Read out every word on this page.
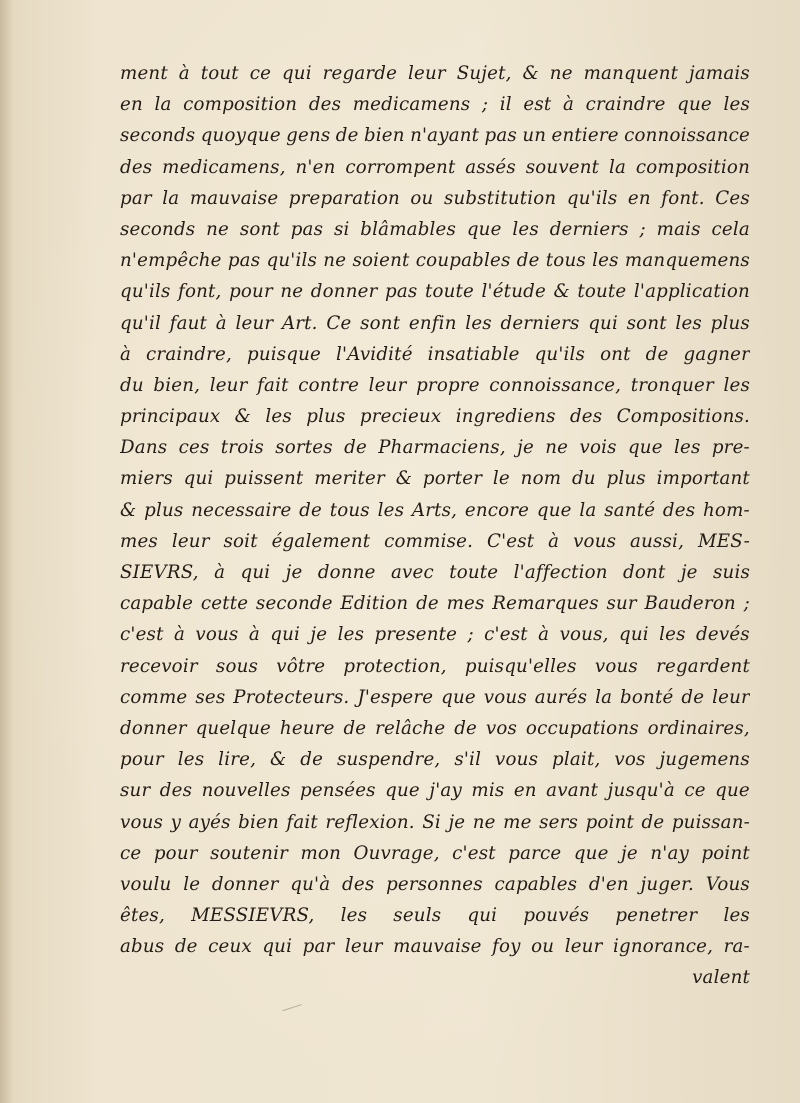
ment à tout ce qui regarde leur Sujet, & ne manquent jamais
en la composition des medicamens ; il est à craindre que les
seconds quoyque gens de bien n'ayant pas un entiere connoissance
des medicamens, n'en corrompent assés souvent la composition
par la mauvaise preparation ou substitution qu'ils en font. Ces
seconds ne sont pas si blâmables que les derniers ; mais cela
n'empêche pas qu'ils ne soient coupables de tous les manquemens
qu'ils font, pour ne donner pas toute l'étude & toute l'application
qu'il faut à leur Art. Ce sont enfin les derniers qui sont les plus
à craindre, puisque l'Avidité insatiable qu'ils ont de gagner
du bien, leur fait contre leur propre connoissance, tronquer les
principaux & les plus precieux ingrediens des Compositions.
Dans ces trois sortes de Pharmaciens, je ne vois que les pre-
miers qui puissent meriter & porter le nom du plus important
& plus necessaire de tous les Arts, encore que la santé des hom-
mes leur soit également commise. C'est à vous aussi, MES-
SIEVRS, à qui je donne avec toute l'affection dont je suis
capable cette seconde Edition de mes Remarques sur Bauderon ;
c'est à vous à qui je les presente ; c'est à vous, qui les devés
recevoir sous vôtre protection, puisqu'elles vous regardent
comme ses Protecteurs. J'espere que vous aurés la bonté de leur
donner quelque heure de relâche de vos occupations ordinaires,
pour les lire, & de suspendre, s'il vous plait, vos jugemens
sur des nouvelles pensées que j'ay mis en avant jusqu'à ce que
vous y ayés bien fait reflexion. Si je ne me sers point de puissan-
ce pour soutenir mon Ouvrage, c'est parce que je n'ay point
voulu le donner qu'à des personnes capables d'en juger. Vous
êtes, MESSIEVRS, les seuls qui pouvés penetrer les
abus de ceux qui par leur mauvaise foy ou leur ignorance, ra-
valent
